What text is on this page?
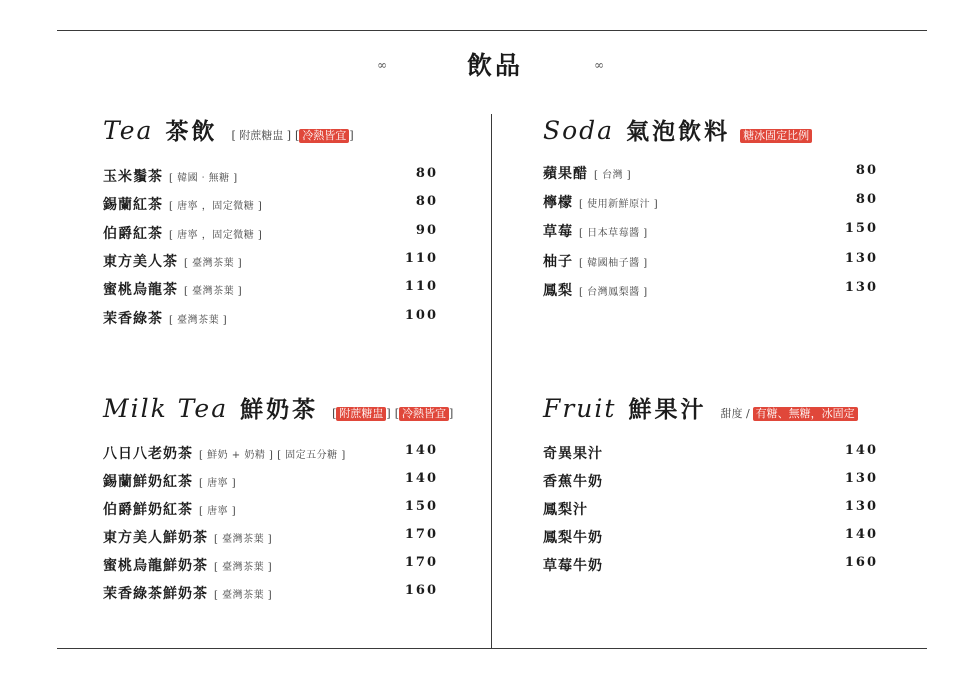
∞	飲品	∞
Tea 茶飲 [ 附蔗糖盅 ] [ 冷熱皆宜 ]
玉米鬚茶 [ 韓國‧無糖 ]	80
錫蘭紅茶 [ 唐寧 ，固定微糖 ]	80
伯爵紅茶 [ 唐寧 ，固定微糖 ]	90
東方美人茶 [ 臺灣茶葉 ]	110
蜜桃烏龍茶 [ 臺灣茶葉 ]	110
茉香綠茶 [ 臺灣茶葉 ]	100
Soda 氣泡飲料 糖冰固定比例
蘋果醋 [ 台灣 ]	80
檸檬 [ 使用新鮮原汁 ]	80
草莓 [ 日本草莓醬 ]	150
柚子 [ 韓國柚子醬 ]	130
鳳梨 [ 台灣鳳梨醬 ]	130
Milk Tea 鮮奶茶 [ 附蔗糖盅 ] [ 冷熱皆宜 ]
八日八老奶茶 [ 鮮奶 + 奶精 ] [ 固定五分糖 ]	140
錫蘭鮮奶紅茶 [ 唐寧 ]	140
伯爵鮮奶紅茶 [ 唐寧 ]	150
東方美人鮮奶茶 [ 臺灣茶葉 ]	170
蜜桃烏龍鮮奶茶 [ 臺灣茶葉 ]	170
茉香綠茶鮮奶茶 [ 臺灣茶葉 ]	160
Fruit 鮮果汁 甜度 / 有糖、無糖，冰固定
奇異果汁	140
香蕉牛奶	130
鳳梨汁	130
鳳梨牛奶	140
草莓牛奶	160
